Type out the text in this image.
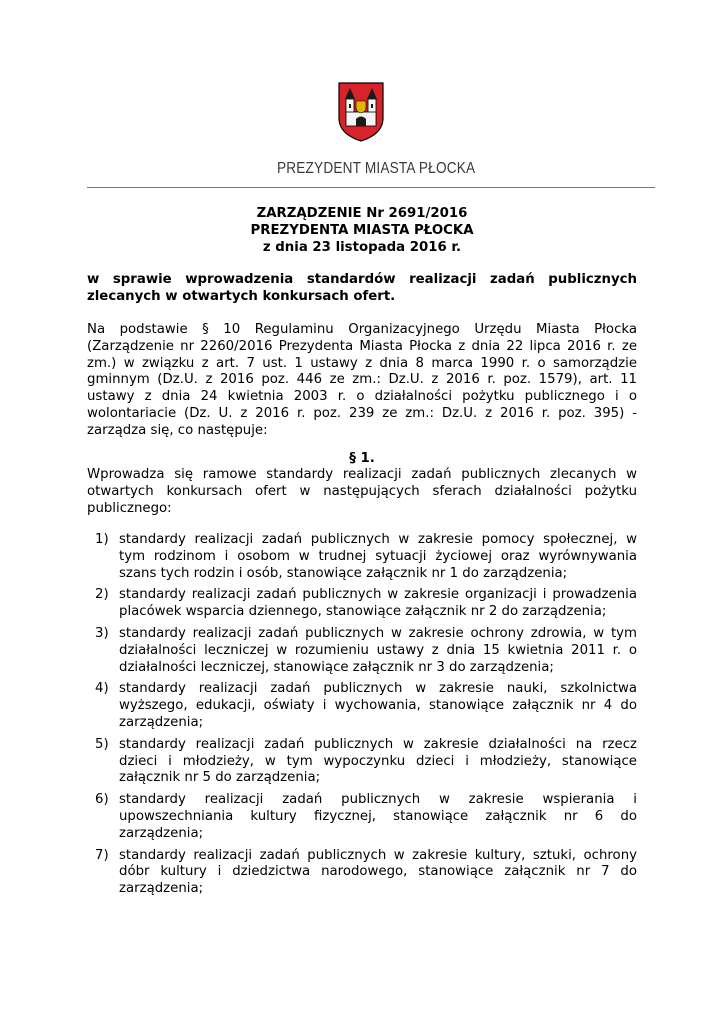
PREZYDENT MIASTA PŁOCKA
ZARZĄDZENIE Nr 2691/2016
PREZYDENTA MIASTA PŁOCKA
z dnia 23 listopada 2016 r.
w sprawie wprowadzenia standardów realizacji zadań publicznych
zlecanych w otwartych konkursach ofert.
Na podstawie § 10 Regulaminu Organizacyjnego Urzędu Miasta Płocka
(Zarządzenie nr 2260/2016 Prezydenta Miasta Płocka z dnia 22 lipca 2016 r. ze
zm.) w związku z art. 7 ust. 1 ustawy z dnia 8 marca 1990 r. o samorządzie
gminnym (Dz.U. z 2016 poz. 446 ze zm.: Dz.U. z 2016 r. poz. 1579), art. 11
ustawy z dnia 24 kwietnia 2003 r. o działalności pożytku publicznego i o
wolontariacie (Dz. U. z 2016 r. poz. 239 ze zm.: Dz.U. z 2016 r. poz. 395) -
zarządza się, co następuje:
§ 1.
Wprowadza się ramowe standardy realizacji zadań publicznych zlecanych w
otwartych konkursach ofert w następujących sferach działalności pożytku
publicznego:
1) standardy realizacji zadań publicznych w zakresie pomocy społecznej, w
tym rodzinom i osobom w trudnej sytuacji życiowej oraz wyrównywania
szans tych rodzin i osób, stanowiące załącznik nr 1 do zarządzenia;
2) standardy realizacji zadań publicznych w zakresie organizacji i prowadzenia
placówek wsparcia dziennego, stanowiące załącznik nr 2 do zarządzenia;
3) standardy realizacji zadań publicznych w zakresie ochrony zdrowia, w tym
działalności leczniczej w rozumieniu ustawy z dnia 15 kwietnia 2011 r. o
działalności leczniczej, stanowiące załącznik nr 3 do zarządzenia;
4) standardy realizacji zadań publicznych w zakresie nauki, szkolnictwa
wyższego, edukacji, oświaty i wychowania, stanowiące załącznik nr 4 do
zarządzenia;
5) standardy realizacji zadań publicznych w zakresie działalności na rzecz
dzieci i młodzieży, w tym wypoczynku dzieci i młodzieży, stanowiące
załącznik nr 5 do zarządzenia;
6) standardy realizacji zadań publicznych w zakresie wspierania i
upowszechniania kultury fizycznej, stanowiące załącznik nr 6 do
zarządzenia;
7) standardy realizacji zadań publicznych w zakresie kultury, sztuki, ochrony
dóbr kultury i dziedzictwa narodowego, stanowiące załącznik nr 7 do
zarządzenia;
